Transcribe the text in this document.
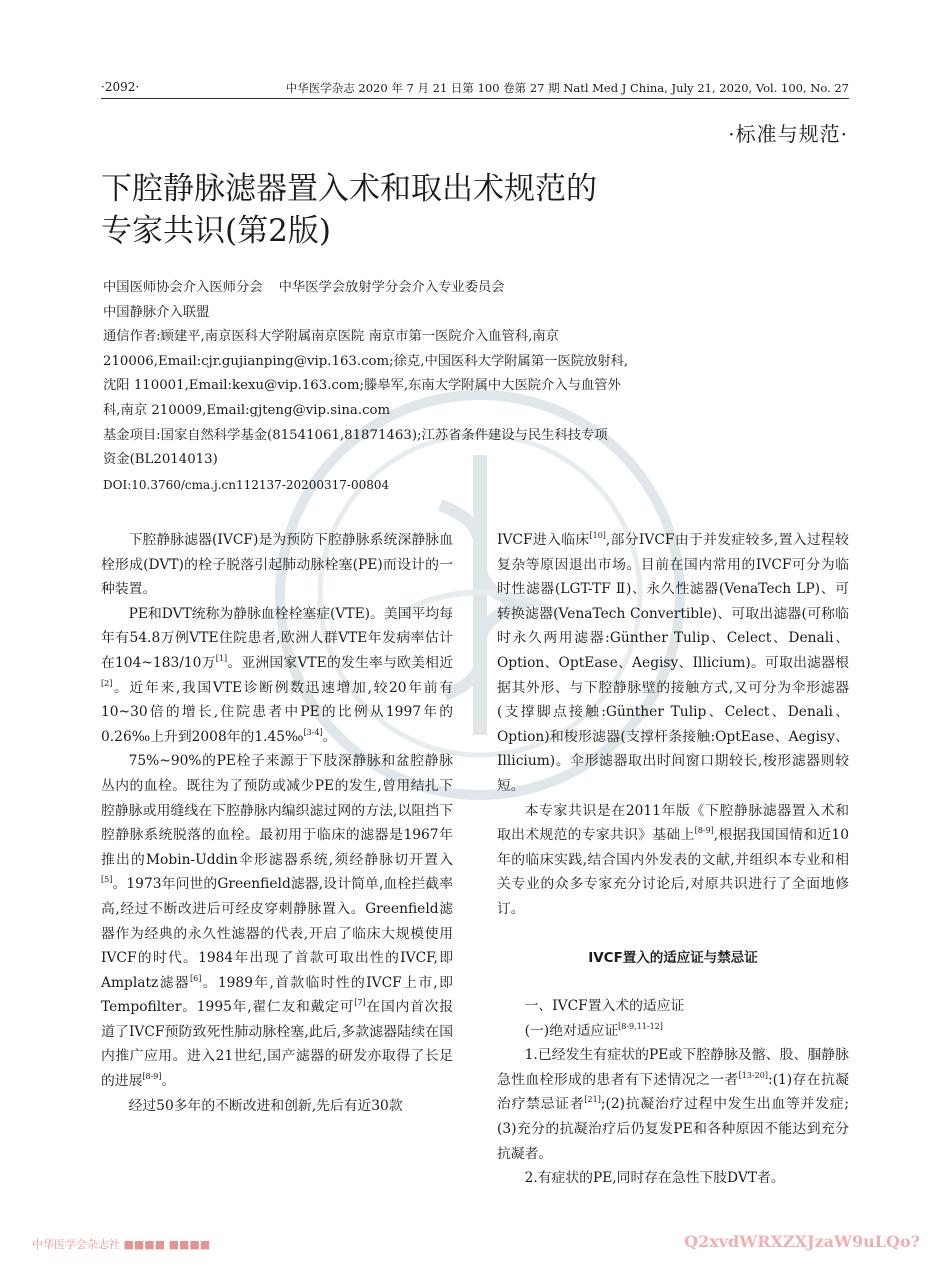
·2092·	中华医学杂志 2020 年 7 月 21 日第 100 卷第 27 期 Natl Med J China, July 21, 2020, Vol. 100, No. 27
·标准与规范·
下腔静脉滤器置入术和取出术规范的
专家共识(第2版)
中国医师协会介入医师分会 中华医学会放射学分会介入专业委员会
中国静脉介入联盟
通信作者:顾建平,南京医科大学附属南京医院 南京市第一医院介入血管科,南京
210006,Email:cjr.gujianping@vip.163.com;徐克,中国医科大学附属第一医院放射科,
沈阳 110001,Email:kexu@vip.163.com;滕皋军,东南大学附属中大医院介入与血管外
科,南京 210009,Email:gjteng@vip.sina.com
基金项目:国家自然科学基金(81541061,81871463);江苏省条件建设与民生科技专项
资金(BL2014013)
DOI:10.3760/cma.j.cn112137-20200317-00804

下腔静脉滤器(IVCF)是为预防下腔静脉系统深静脉血栓形成(DVT)的栓子脱落引起肺动脉栓塞(PE)而设计的一种装置。

PE和DVT统称为静脉血栓栓塞症(VTE)。美国平均每年有54.8万例VTE住院患者,欧洲人群VTE年发病率估计在104~183/10万[1]。亚洲国家VTE的发生率与欧美相近[2]。近年来,我国VTE诊断例数迅速增加,较20年前有10~30倍的增长,住院患者中PE的比例从1997年的0.26‰上升到2008年的1.45‰[3-4]。

75%~90%的PE栓子来源于下肢深静脉和盆腔静脉丛内的血栓。既往为了预防或减少PE的发生,曾用结扎下腔静脉或用缝线在下腔静脉内编织滤过网的方法,以阻挡下腔静脉系统脱落的血栓。最初用于临床的滤器是1967年推出的Mobin-Uddin伞形滤器系统,须经静脉切开置入[5]。1973年问世的Greenfield滤器,设计简单,血栓拦截率高,经过不断改进后可经皮穿刺静脉置入。Greenfield滤器作为经典的永久性滤器的代表,开启了临床大规模使用IVCF的时代。1984年出现了首款可取出性的IVCF,即Amplatz滤器[6]。1989年,首款临时性的IVCF上市,即Tempofilter。1995年,翟仁友和戴定可[7]在国内首次报道了IVCF预防致死性肺动脉栓塞,此后,多款滤器陆续在国内推广应用。进入21世纪,国产滤器的研发亦取得了长足的进展[8-9]。

经过50多年的不断改进和创新,先后有近30款

IVCF进入临床[10],部分IVCF由于并发症较多,置入过程较复杂等原因退出市场。目前在国内常用的IVCF可分为临时性滤器(LGT-TF Ⅱ)、永久性滤器(VenaTech LP)、可转换滤器(VenaTech Convertible)、可取出滤器(可称临时永久两用滤器:Günther Tulip、Celect、Denali、Option、OptEase、Aegisy、Illicium)。可取出滤器根据其外形、与下腔静脉壁的接触方式,又可分为伞形滤器(支撑脚点接触:Günther Tulip、Celect、Denali、Option)和梭形滤器(支撑杆条接触:OptEase、Aegisy、Illicium)。伞形滤器取出时间窗口期较长,梭形滤器则较短。

本专家共识是在2011年版《下腔静脉滤器置入术和取出术规范的专家共识》基础上[8-9],根据我国国情和近10年的临床实践,结合国内外发表的文献,并组织本专业和相关专业的众多专家充分讨论后,对原共识进行了全面地修订。

IVCF置入的适应证与禁忌证

一、IVCF置入术的适应证

(一)绝对适应证[8-9,11-12]

1.已经发生有症状的PE或下腔静脉及髂、股、腘静脉急性血栓形成的患者有下述情况之一者[13-20]:(1)存在抗凝治疗禁忌证者[21];(2)抗凝治疗过程中发生出血等并发症;(3)充分的抗凝治疗后仍复发PE和各种原因不能达到充分抗凝者。

2.有症状的PE,同时存在急性下肢DVT者。

中华医学会杂志社 ■■■■ ■■■■	Q2xvdWRXZXJzaW9uLQo?
